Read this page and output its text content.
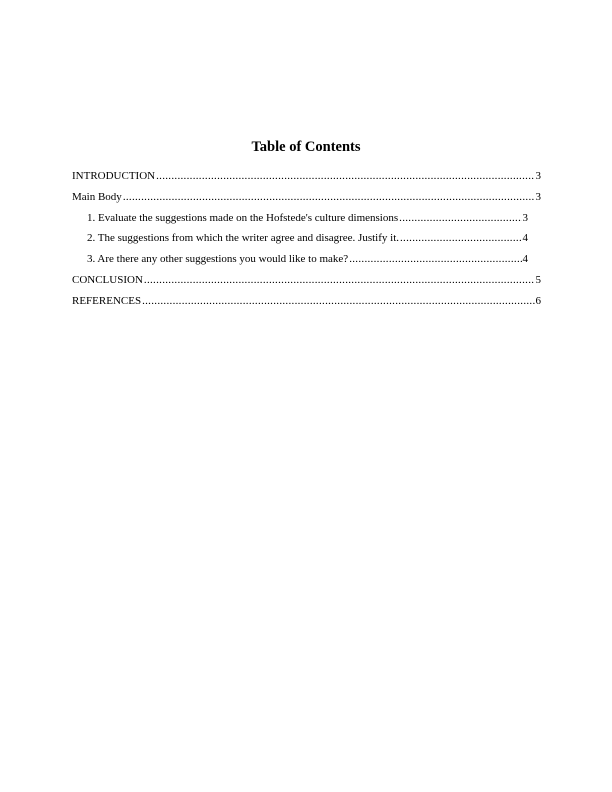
Table of Contents
INTRODUCTION .....	3
Main Body .....	3
1. Evaluate the suggestions made on the Hofstede's culture dimensions .....	3
2. The suggestions from which the writer agree and disagree. Justify it. .....	4
3. Are there any other suggestions you would like to make? .....	4
CONCLUSION .....	5
REFERENCES .....	6
